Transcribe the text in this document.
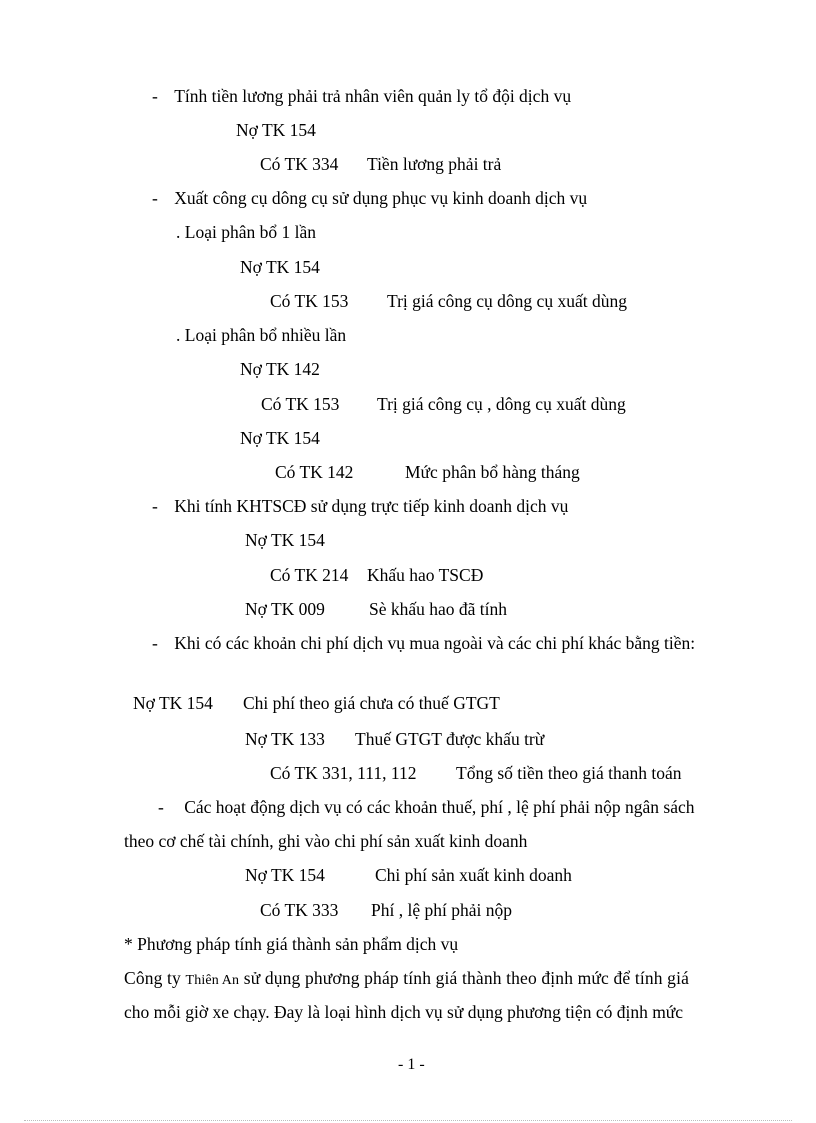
- Tính tiền lương phải trả nhân viên quản ly tổ đội dịch vụ
Nợ TK 154
Có TK 334 Tiền lương phải trả
- Xuất công cụ dông cụ sử dụng phục vụ kinh doanh dịch vụ
. Loại phân bổ 1 lần
Nợ TK 154
Có TK 153 Trị giá công cụ dông cụ xuất dùng
. Loại phân bổ nhiều lần
Nợ TK 142
Có TK 153 Trị giá công cụ , dông cụ xuất dùng
Nợ TK 154
Có TK 142	Mức phân bổ hàng tháng
- Khi tính KHTSCĐ sử dụng trực tiếp kinh doanh dịch vụ
Nợ TK 154
Có TK 214 Khấu hao TSCĐ
Nợ TK 009	Sè khấu hao đã tính
- Khi có các khoản chi phí dịch vụ mua ngoài và các chi phí khác bằng tiền:
Nợ TK 154 Chi phí theo giá chưa có thuế GTGT
Nợ TK 133 Thuế GTGT được khấu trừ
Có TK 331, 111, 112 Tổng số tiền theo giá thanh toán
- Các hoạt động dịch vụ có các khoản thuế, phí , lệ phí phải nộp ngân sách
theo cơ chế tài chính, ghi vào chi phí sản xuất kinh doanh
Nợ TK 154	Chi phí sản xuất kinh doanh
Có TK 333 Phí , lệ phí phải nộp
* Phương pháp tính giá thành sản phẩm dịch vụ
Công ty Thiên An sử dụng phương pháp tính giá thành theo định mức để tính giá
cho mỗi giờ xe chạy. Đay là loại hình dịch vụ sử dụng phương tiện có định mức
- 1 -
